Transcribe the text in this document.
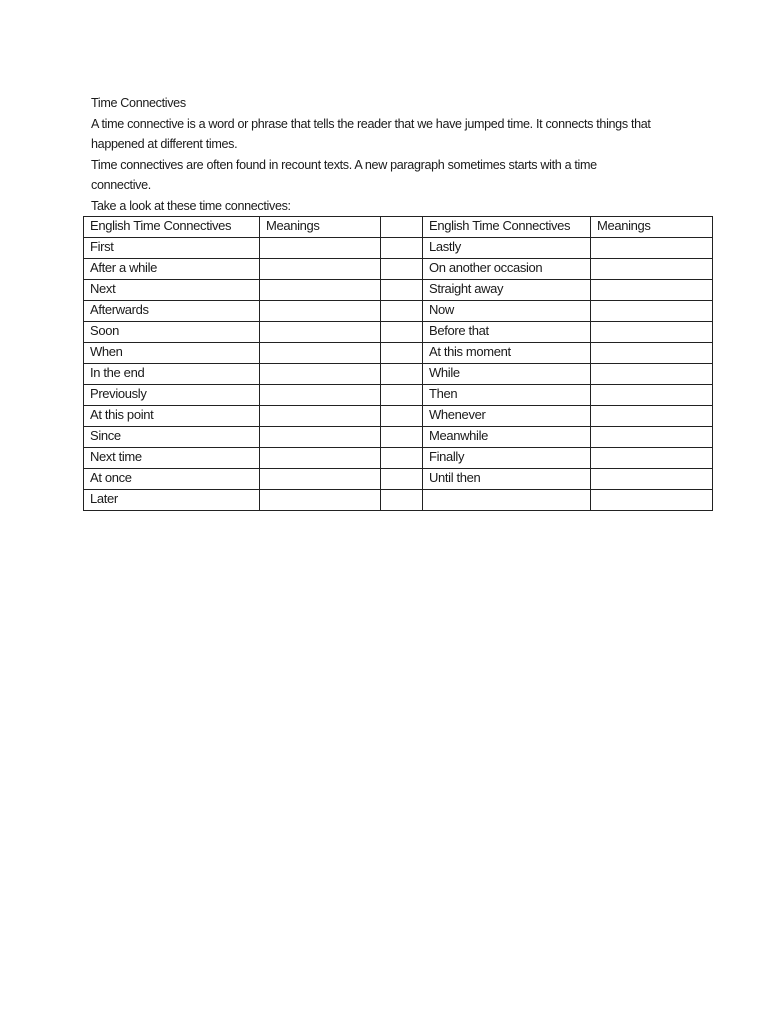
Time Connectives

A time connective is a word or phrase that tells the reader that we have jumped time. It connects things that

happened at different times.

Time connectives are often found in recount texts. A new paragraph sometimes starts with a time

connective.

Take a look at these time connectives:

English Time Connectives	Meanings		English Time Connectives	Meanings
First			Lastly	
After a while			On another occasion	
Next			Straight away	
Afterwards			Now	
Soon			Before that	
When			At this moment	
In the end			While	
Previously			Then	
At this point			Whenever	
Since			Meanwhile	
Next time			Finally	
At once			Until then	
Later				
